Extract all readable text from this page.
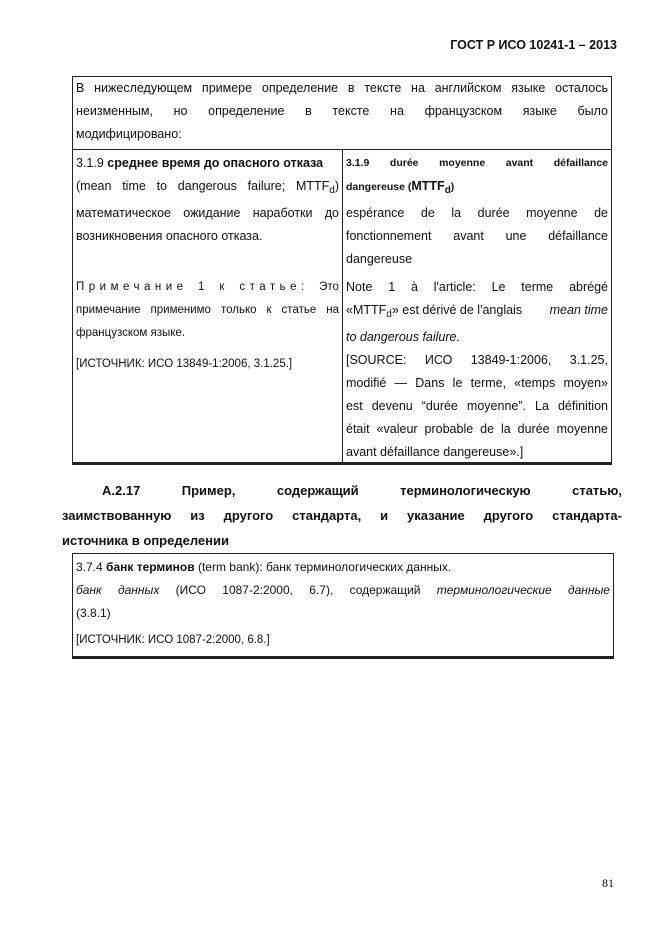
ГОСТ Р ИСО 10241-1 – 2013
В нижеследующем примере определение в тексте на английском языке осталось
неизменным, но определение в тексте на французском языке было
модифицировано:
3.1.9 среднее время до опасного отказа
(mean time to dangerous failure; $MTTF_d$)
математическое ожидание наработки до
возникновения опасного отказа.
Примечание 1 к статье: Это
примечание применимо только к статье на
французском языке.
[ИСТОЧНИК: ИСО 13849-1:2006, 3.1.25.]
3.1.9 durée moyenne avant défaillance
dangereuse $(MTTF_d)$
espérance de la durée moyenne de
fonctionnement avant une défaillance
dangereuse
Note 1 à l'article: Le terme abrégé
«$MTTF_d$» est dérivé de l'anglais mean time
to dangerous failure.
[SOURCE: ИСО 13849-1:2006, 3.1.25,
modifié — Dans le terme, «temps moyen»
est devenu “durée moyenne”. La définition
était «valeur probable de la durée moyenne
avant défaillance dangereuse».]
А.2.17 Пример, содержащий терминологическую статью,
заимствованную из другого стандарта, и указание другого стандарта-
источника в определении
3.7.4 банк терминов (term bank): банк терминологических данных.
банк данных (ИСО 1087-2:2000, 6.7), содержащий терминологические данные
(3.8.1)
[ИСТОЧНИК: ИСО 1087-2:2000, 6.8.]
81
